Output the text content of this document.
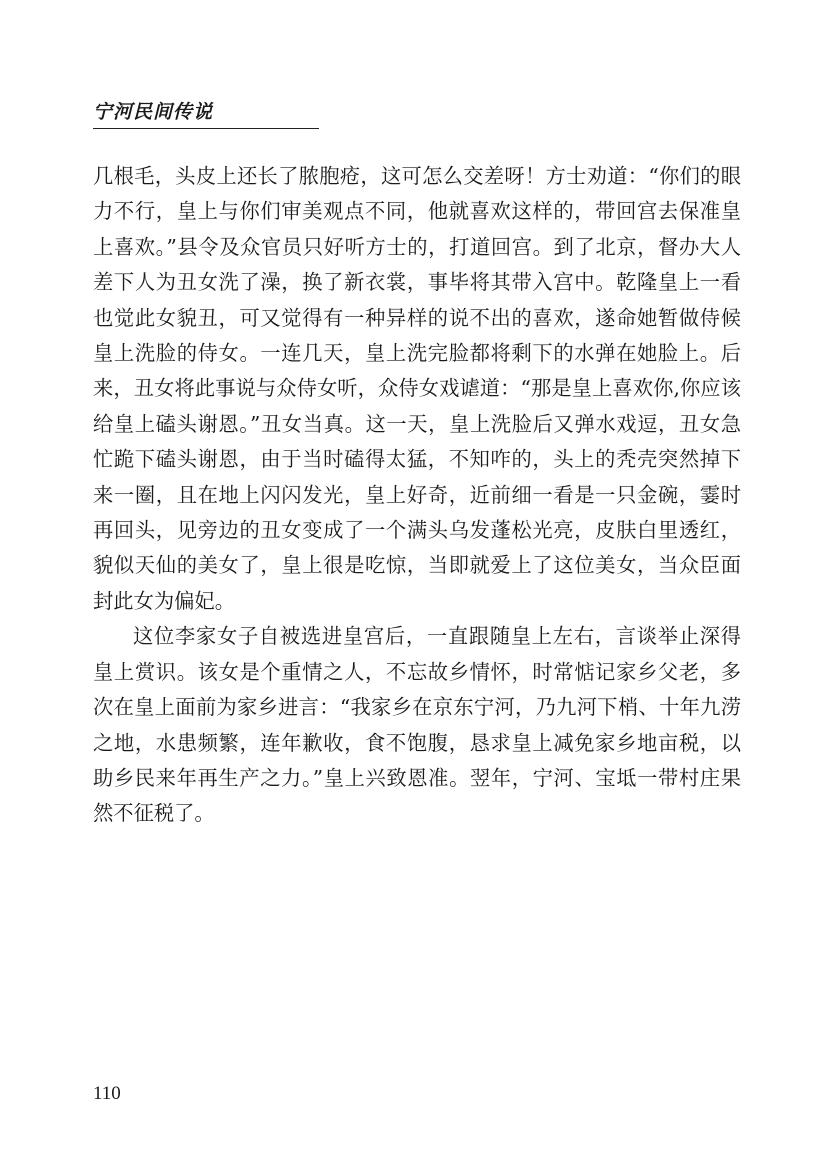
宁河民间传说

几根毛，头皮上还长了脓胞疮，这可怎么交差呀！方士劝道：“你们的眼力不行，皇上与你们审美观点不同，他就喜欢这样的，带回宫去保准皇上喜欢。”县令及众官员只好听方士的，打道回宫。到了北京，督办大人差下人为丑女洗了澡，换了新衣裳，事毕将其带入宫中。乾隆皇上一看也觉此女貌丑，可又觉得有一种异样的说不出的喜欢，遂命她暂做侍候皇上洗脸的侍女。一连几天，皇上洗完脸都将剩下的水弹在她脸上。后来，丑女将此事说与众侍女听，众侍女戏谑道：“那是皇上喜欢你,你应该给皇上磕头谢恩。”丑女当真。这一天，皇上洗脸后又弹水戏逗，丑女急忙跪下磕头谢恩，由于当时磕得太猛，不知咋的，头上的秃壳突然掉下来一圈，且在地上闪闪发光，皇上好奇，近前细一看是一只金碗，霎时再回头，见旁边的丑女变成了一个满头乌发蓬松光亮，皮肤白里透红，貌似天仙的美女了，皇上很是吃惊，当即就爱上了这位美女，当众臣面封此女为偏妃。

这位李家女子自被选进皇宫后，一直跟随皇上左右，言谈举止深得皇上赏识。该女是个重情之人，不忘故乡情怀，时常惦记家乡父老，多次在皇上面前为家乡进言：“我家乡在京东宁河，乃九河下梢、十年九涝之地，水患频繁，连年歉收，食不饱腹，恳求皇上减免家乡地亩税，以助乡民来年再生产之力。”皇上兴致恩准。翌年，宁河、宝坻一带村庄果然不征税了。

110
